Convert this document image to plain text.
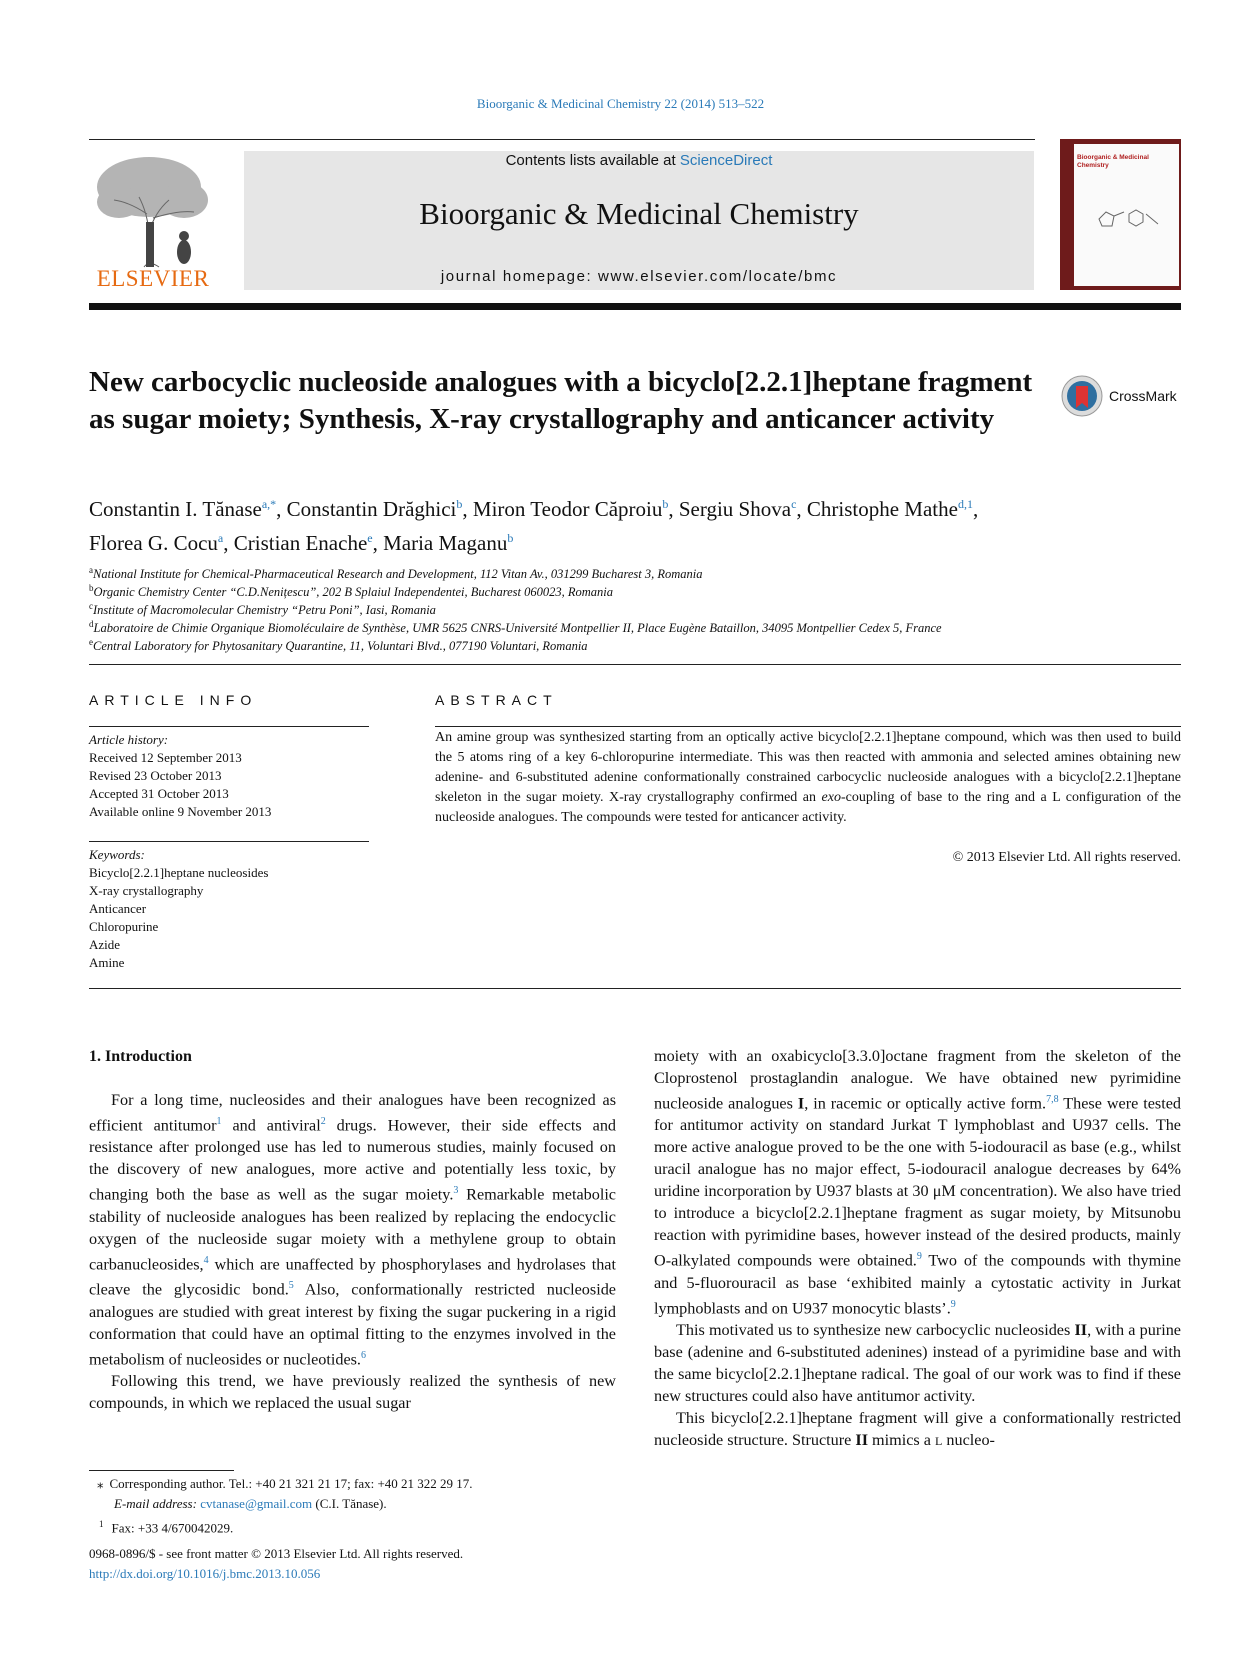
Bioorganic & Medicinal Chemistry 22 (2014) 513–522
ELSEVIER
Contents lists available at ScienceDirect
Bioorganic & Medicinal Chemistry
journal homepage: www.elsevier.com/locate/bmc
Bioorganic & Medicinal Chemistry
New carbocyclic nucleoside analogues with a bicyclo[2.2.1]heptane fragment as sugar moiety; Synthesis, X-ray crystallography and anticancer activity
CrossMark
Constantin I. Tănase$^{a,*}$, Constantin Drăghici$^b$, Miron Teodor Căproiu$^b$, Sergiu Shova$^c$, Christophe Mathe$^{d,1}$,
Florea G. Cocu$^a$, Cristian Enache$^e$, Maria Maganu$^b$
$^a$National Institute for Chemical-Pharmaceutical Research and Development, 112 Vitan Av., 031299 Bucharest 3, Romania
$^b$Organic Chemistry Center “C.D.Nenițescu”, 202 B Splaiul Independentei, Bucharest 060023, Romania
$^c$Institute of Macromolecular Chemistry “Petru Poni”, Iasi, Romania
$^d$Laboratoire de Chimie Organique Biomoléculaire de Synthèse, UMR 5625 CNRS-Université Montpellier II, Place Eugène Bataillon, 34095 Montpellier Cedex 5, France
$^e$Central Laboratory for Phytosanitary Quarantine, 11, Voluntari Blvd., 077190 Voluntari, Romania
ARTICLE INFO
Article history:
Received 12 September 2013
Revised 23 October 2013
Accepted 31 October 2013
Available online 9 November 2013
Keywords:
Bicyclo[2.2.1]heptane nucleosides
X-ray crystallography
Anticancer
Chloropurine
Azide
Amine
ABSTRACT
An amine group was synthesized starting from an optically active bicyclo[2.2.1]heptane compound, which was then used to build the 5 atoms ring of a key 6-chloropurine intermediate. This was then reacted with ammonia and selected amines obtaining new adenine- and 6-substituted adenine conformationally constrained carbocyclic nucleoside analogues with a bicyclo[2.2.1]heptane skeleton in the sugar moiety. X-ray crystallography confirmed an exo-coupling of base to the ring and a L configuration of the nucleoside analogues. The compounds were tested for anticancer activity.
© 2013 Elsevier Ltd. All rights reserved.
1. Introduction

For a long time, nucleosides and their analogues have been recognized as efficient antitumor$^1$ and antiviral$^2$ drugs. However, their side effects and resistance after prolonged use has led to numerous studies, mainly focused on the discovery of new analogues, more active and potentially less toxic, by changing both the base as well as the sugar moiety.$^3$ Remarkable metabolic stability of nucleoside analogues has been realized by replacing the endocyclic oxygen of the nucleoside sugar moiety with a methylene group to obtain carbanucleosides,$^4$ which are unaffected by phosphorylases and hydrolases that cleave the glycosidic bond.$^5$ Also, conformationally restricted nucleoside analogues are studied with great interest by fixing the sugar puckering in a rigid conformation that could have an optimal fitting to the enzymes involved in the metabolism of nucleosides or nucleotides.$^6$

Following this trend, we have previously realized the synthesis of new compounds, in which we replaced the usual sugar

moiety with an oxabicyclo[3.3.0]octane fragment from the skeleton of the Cloprostenol prostaglandin analogue. We have obtained new pyrimidine nucleoside analogues I, in racemic or optically active form.$^{7,8}$ These were tested for antitumor activity on standard Jurkat T lymphoblast and U937 cells. The more active analogue proved to be the one with 5-iodouracil as base (e.g., whilst uracil analogue has no major effect, 5-iodouracil analogue decreases by 64% uridine incorporation by U937 blasts at 30 μM concentration). We also have tried to introduce a bicyclo[2.2.1]heptane fragment as sugar moiety, by Mitsunobu reaction with pyrimidine bases, however instead of the desired products, mainly O-alkylated compounds were obtained.$^9$ Two of the compounds with thymine and 5-fluorouracil as base ‘exhibited mainly a cytostatic activity in Jurkat lymphoblasts and on U937 monocytic blasts’.$^9$

This motivated us to synthesize new carbocyclic nucleosides II, with a purine base (adenine and 6-substituted adenines) instead of a pyrimidine base and with the same bicyclo[2.2.1]heptane radical. The goal of our work was to find if these new structures could also have antitumor activity.

This bicyclo[2.2.1]heptane fragment will give a conformationally restricted nucleoside structure. Structure II mimics a L nucleo-

⁎ Corresponding author. Tel.: +40 21 321 21 17; fax: +40 21 322 29 17.
E-mail address: cvtanase@gmail.com (C.I. Tănase).
$^1$ Fax: +33 4/670042029.
0968-0896/$ - see front matter © 2013 Elsevier Ltd. All rights reserved.
http://dx.doi.org/10.1016/j.bmc.2013.10.056
